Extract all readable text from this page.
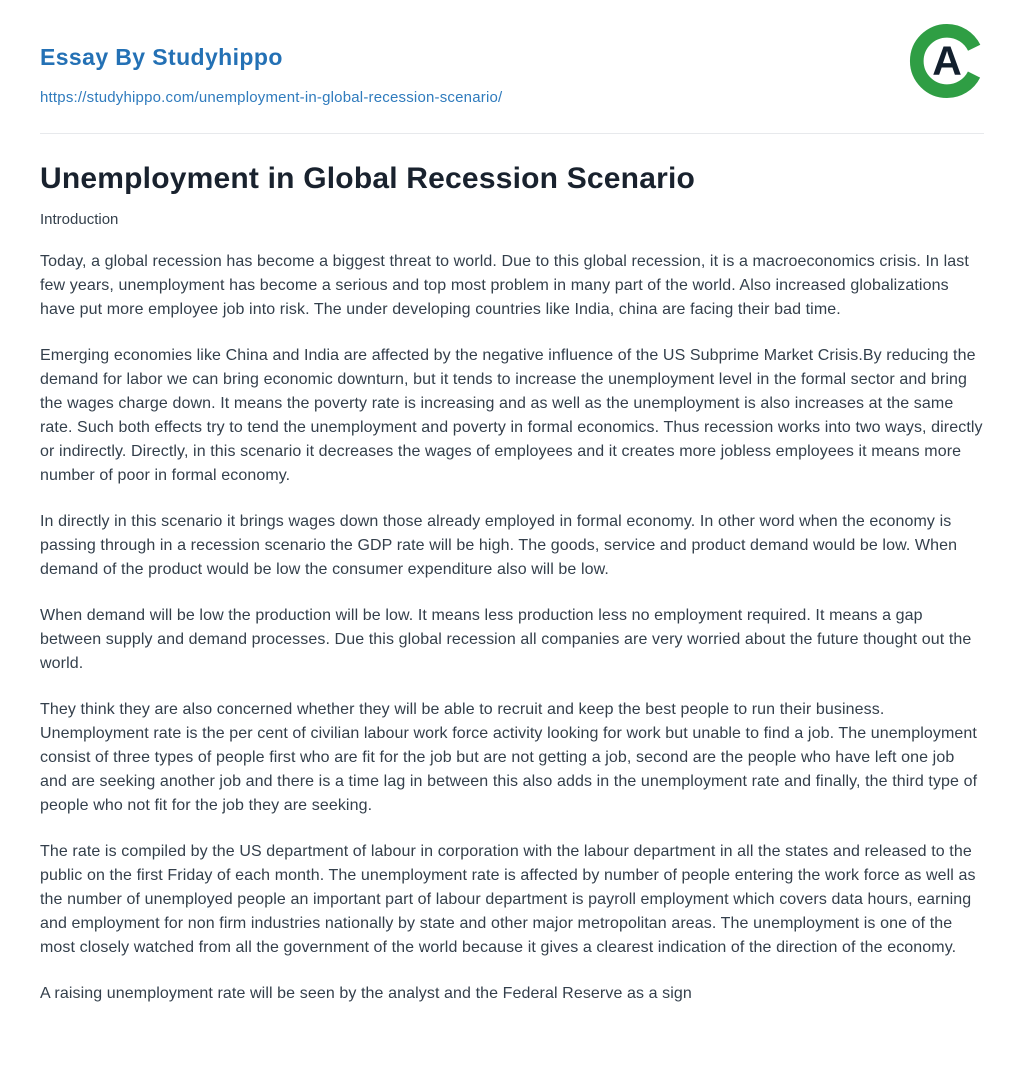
Essay By Studyhippo
https://studyhippo.com/unemployment-in-global-recession-scenario/
A
Unemployment in Global Recession Scenario
Introduction

Today, a global recession has become a biggest threat to world. Due to this global recession, it is a macroeconomics crisis. In last few years, unemployment has become a serious and top most problem in many part of the world. Also increased globalizations have put more employee job into risk. The under developing countries like India, china are facing their bad time.

Emerging economies like China and India are affected by the negative influence of the US Subprime Market Crisis.By reducing the demand for labor we can bring economic downturn, but it tends to increase the unemployment level in the formal sector and bring the wages charge down. It means the poverty rate is increasing and as well as the unemployment is also increases at the same rate. Such both effects try to tend the unemployment and poverty in formal economics. Thus recession works into two ways, directly or indirectly. Directly, in this scenario it decreases the wages of employees and it creates more jobless employees it means more number of poor in formal economy.

In directly in this scenario it brings wages down those already employed in formal economy. In other word when the economy is passing through in a recession scenario the GDP rate will be high. The goods, service and product demand would be low. When demand of the product would be low the consumer expenditure also will be low.

When demand will be low the production will be low. It means less production less no employment required. It means a gap between supply and demand processes. Due this global recession all companies are very worried about the future thought out the world.

They think they are also concerned whether they will be able to recruit and keep the best people to run their business. Unemployment rate is the per cent of civilian labour work force activity looking for work but unable to find a job. The unemployment consist of three types of people first who are fit for the job but are not getting a job, second are the people who have left one job and are seeking another job and there is a time lag in between this also adds in the unemployment rate and finally, the third type of people who not fit for the job they are seeking.

The rate is compiled by the US department of labour in corporation with the labour department in all the states and released to the public on the first Friday of each month. The unemployment rate is affected by number of people entering the work force as well as the number of unemployed people an important part of labour department is payroll employment which covers data hours, earning and employment for non firm industries nationally by state and other major metropolitan areas. The unemployment is one of the most closely watched from all the government of the world because it gives a clearest indication of the direction of the economy.

A raising unemployment rate will be seen by the analyst and the Federal Reserve as a sign
